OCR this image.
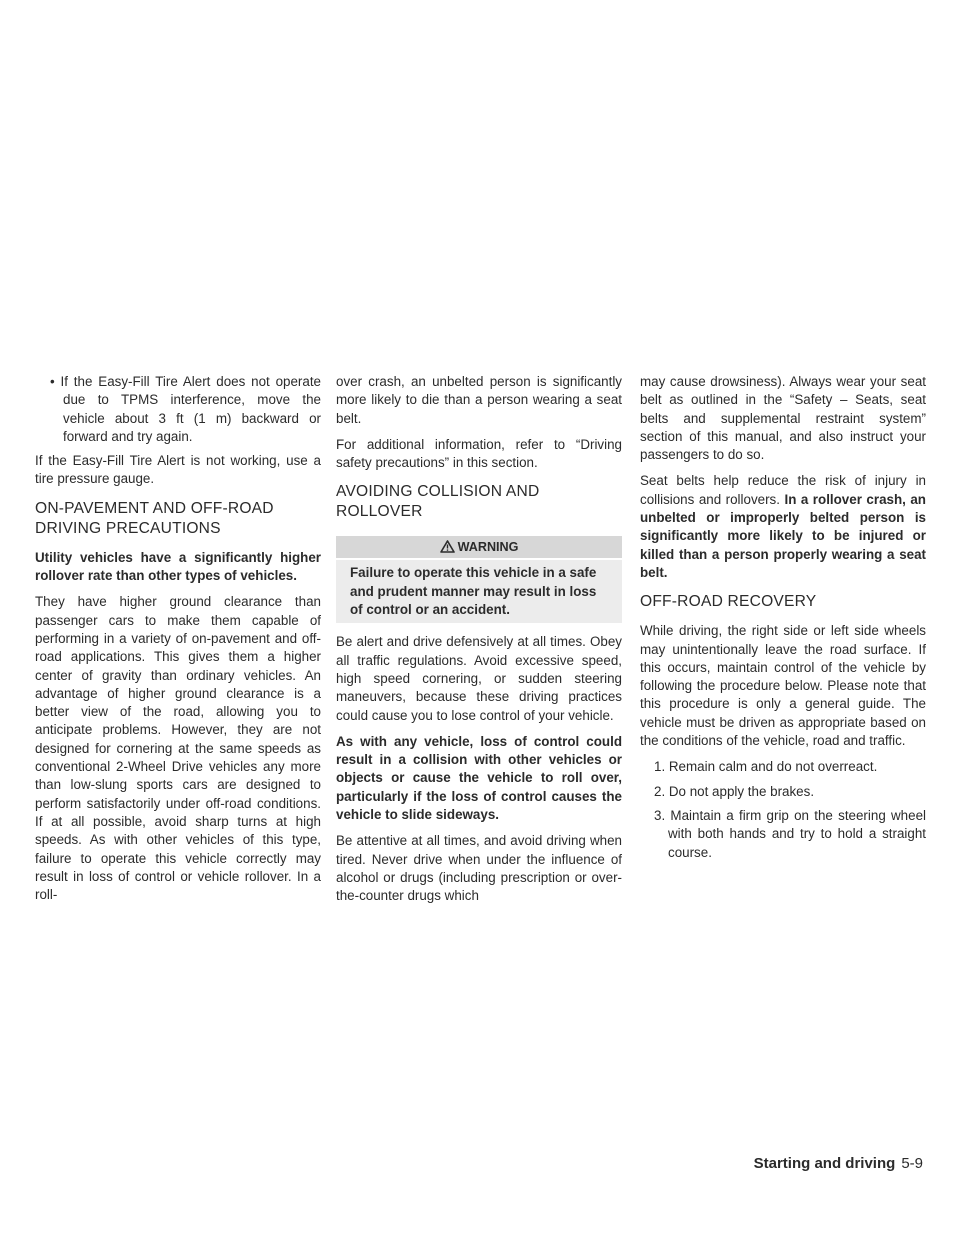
• If the Easy-Fill Tire Alert does not operate due to TPMS interference, move the vehicle about 3 ft (1 m) backward or forward and try again.

If the Easy-Fill Tire Alert is not working, use a tire pressure gauge.

ON-PAVEMENT AND OFF-ROAD DRIVING PRECAUTIONS

Utility vehicles have a significantly higher rollover rate than other types of vehicles.

They have higher ground clearance than passenger cars to make them capable of performing in a variety of on-pavement and off-road applications. This gives them a higher center of gravity than ordinary vehicles. An advantage of higher ground clearance is a better view of the road, allowing you to anticipate problems. However, they are not designed for cornering at the same speeds as conventional 2-Wheel Drive vehicles any more than low-slung sports cars are designed to perform satisfactorily under off-road conditions. If at all possible, avoid sharp turns at high speeds. As with other vehicles of this type, failure to operate this vehicle correctly may result in loss of control or vehicle rollover. In a roll-

over crash, an unbelted person is significantly more likely to die than a person wearing a seat belt.

For additional information, refer to “Driving safety precautions” in this section.

AVOIDING COLLISION AND ROLLOVER
WARNING
Failure to operate this vehicle in a safe and prudent manner may result in loss of control or an accident.

Be alert and drive defensively at all times. Obey all traffic regulations. Avoid excessive speed, high speed cornering, or sudden steering maneuvers, because these driving practices could cause you to lose control of your vehicle.

As with any vehicle, loss of control could result in a collision with other vehicles or objects or cause the vehicle to roll over, particularly if the loss of control causes the vehicle to slide sideways.

Be attentive at all times, and avoid driving when tired. Never drive when under the influence of alcohol or drugs (including prescription or over-the-counter drugs which

may cause drowsiness). Always wear your seat belt as outlined in the “Safety – Seats, seat belts and supplemental restraint system” section of this manual, and also instruct your passengers to do so.

Seat belts help reduce the risk of injury in collisions and rollovers. In a rollover crash, an unbelted or improperly belted person is significantly more likely to be injured or killed than a person properly wearing a seat belt.

OFF-ROAD RECOVERY

While driving, the right side or left side wheels may unintentionally leave the road surface. If this occurs, maintain control of the vehicle by following the procedure below. Please note that this procedure is only a general guide. The vehicle must be driven as appropriate based on the conditions of the vehicle, road and traffic.

1. Remain calm and do not overreact.
2. Do not apply the brakes.
3. Maintain a firm grip on the steering wheel with both hands and try to hold a straight course.
Starting and driving 5-9
